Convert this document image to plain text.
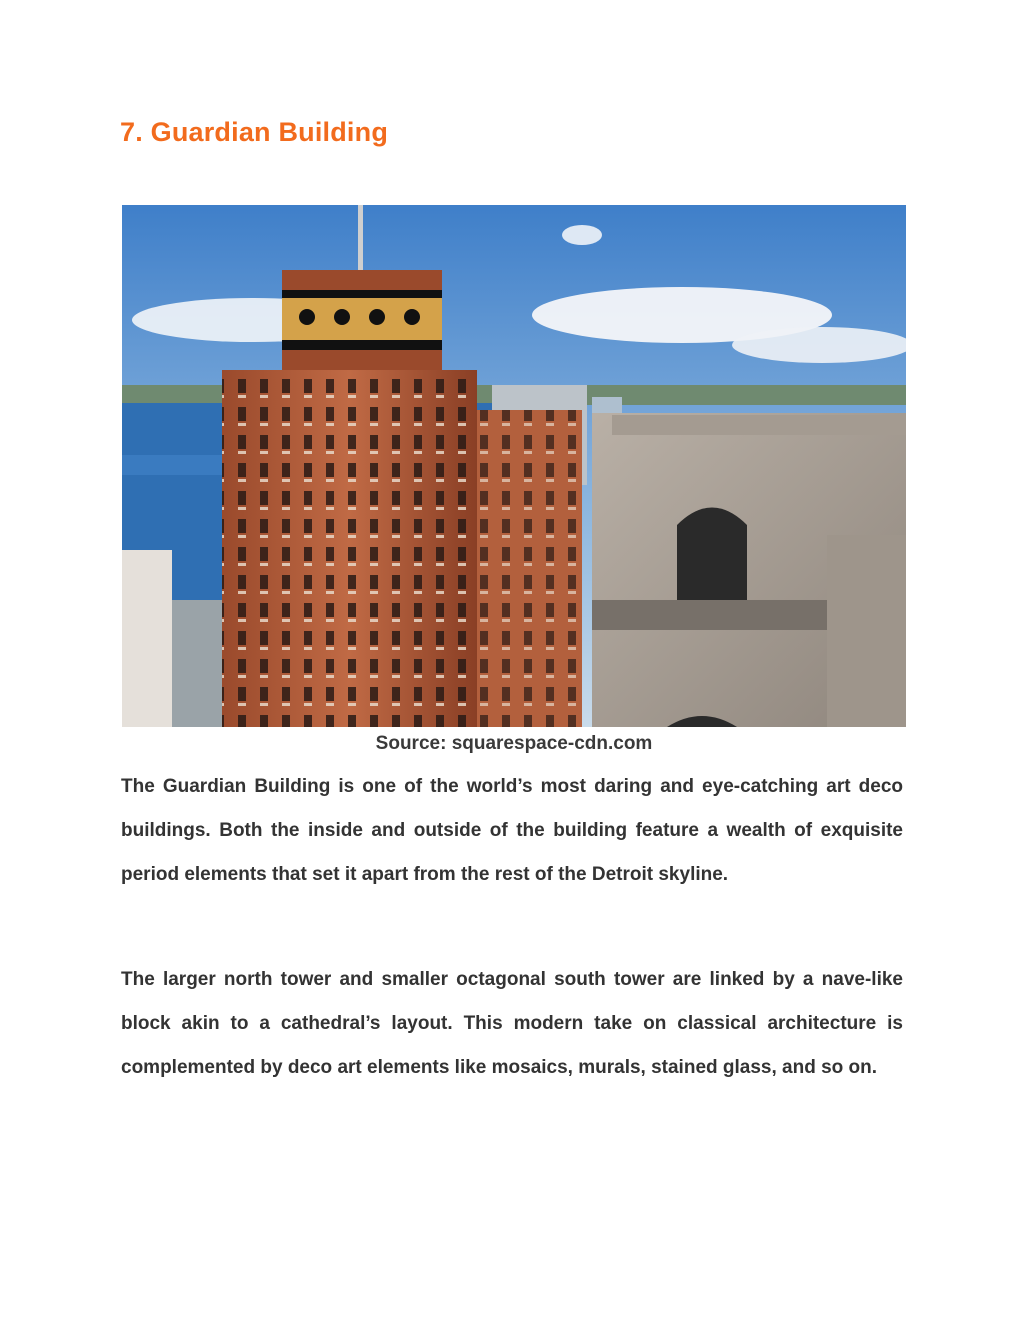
7. Guardian Building

Source: squarespace-cdn.com

The Guardian Building is one of the world’s most daring and eye-catching art deco buildings. Both the inside and outside of the building feature a wealth of exquisite period elements that set it apart from the rest of the Detroit skyline.

The larger north tower and smaller octagonal south tower are linked by a nave-like block akin to a cathedral’s layout. This modern take on classical architecture is complemented by deco art elements like mosaics, murals, stained glass, and so on.
